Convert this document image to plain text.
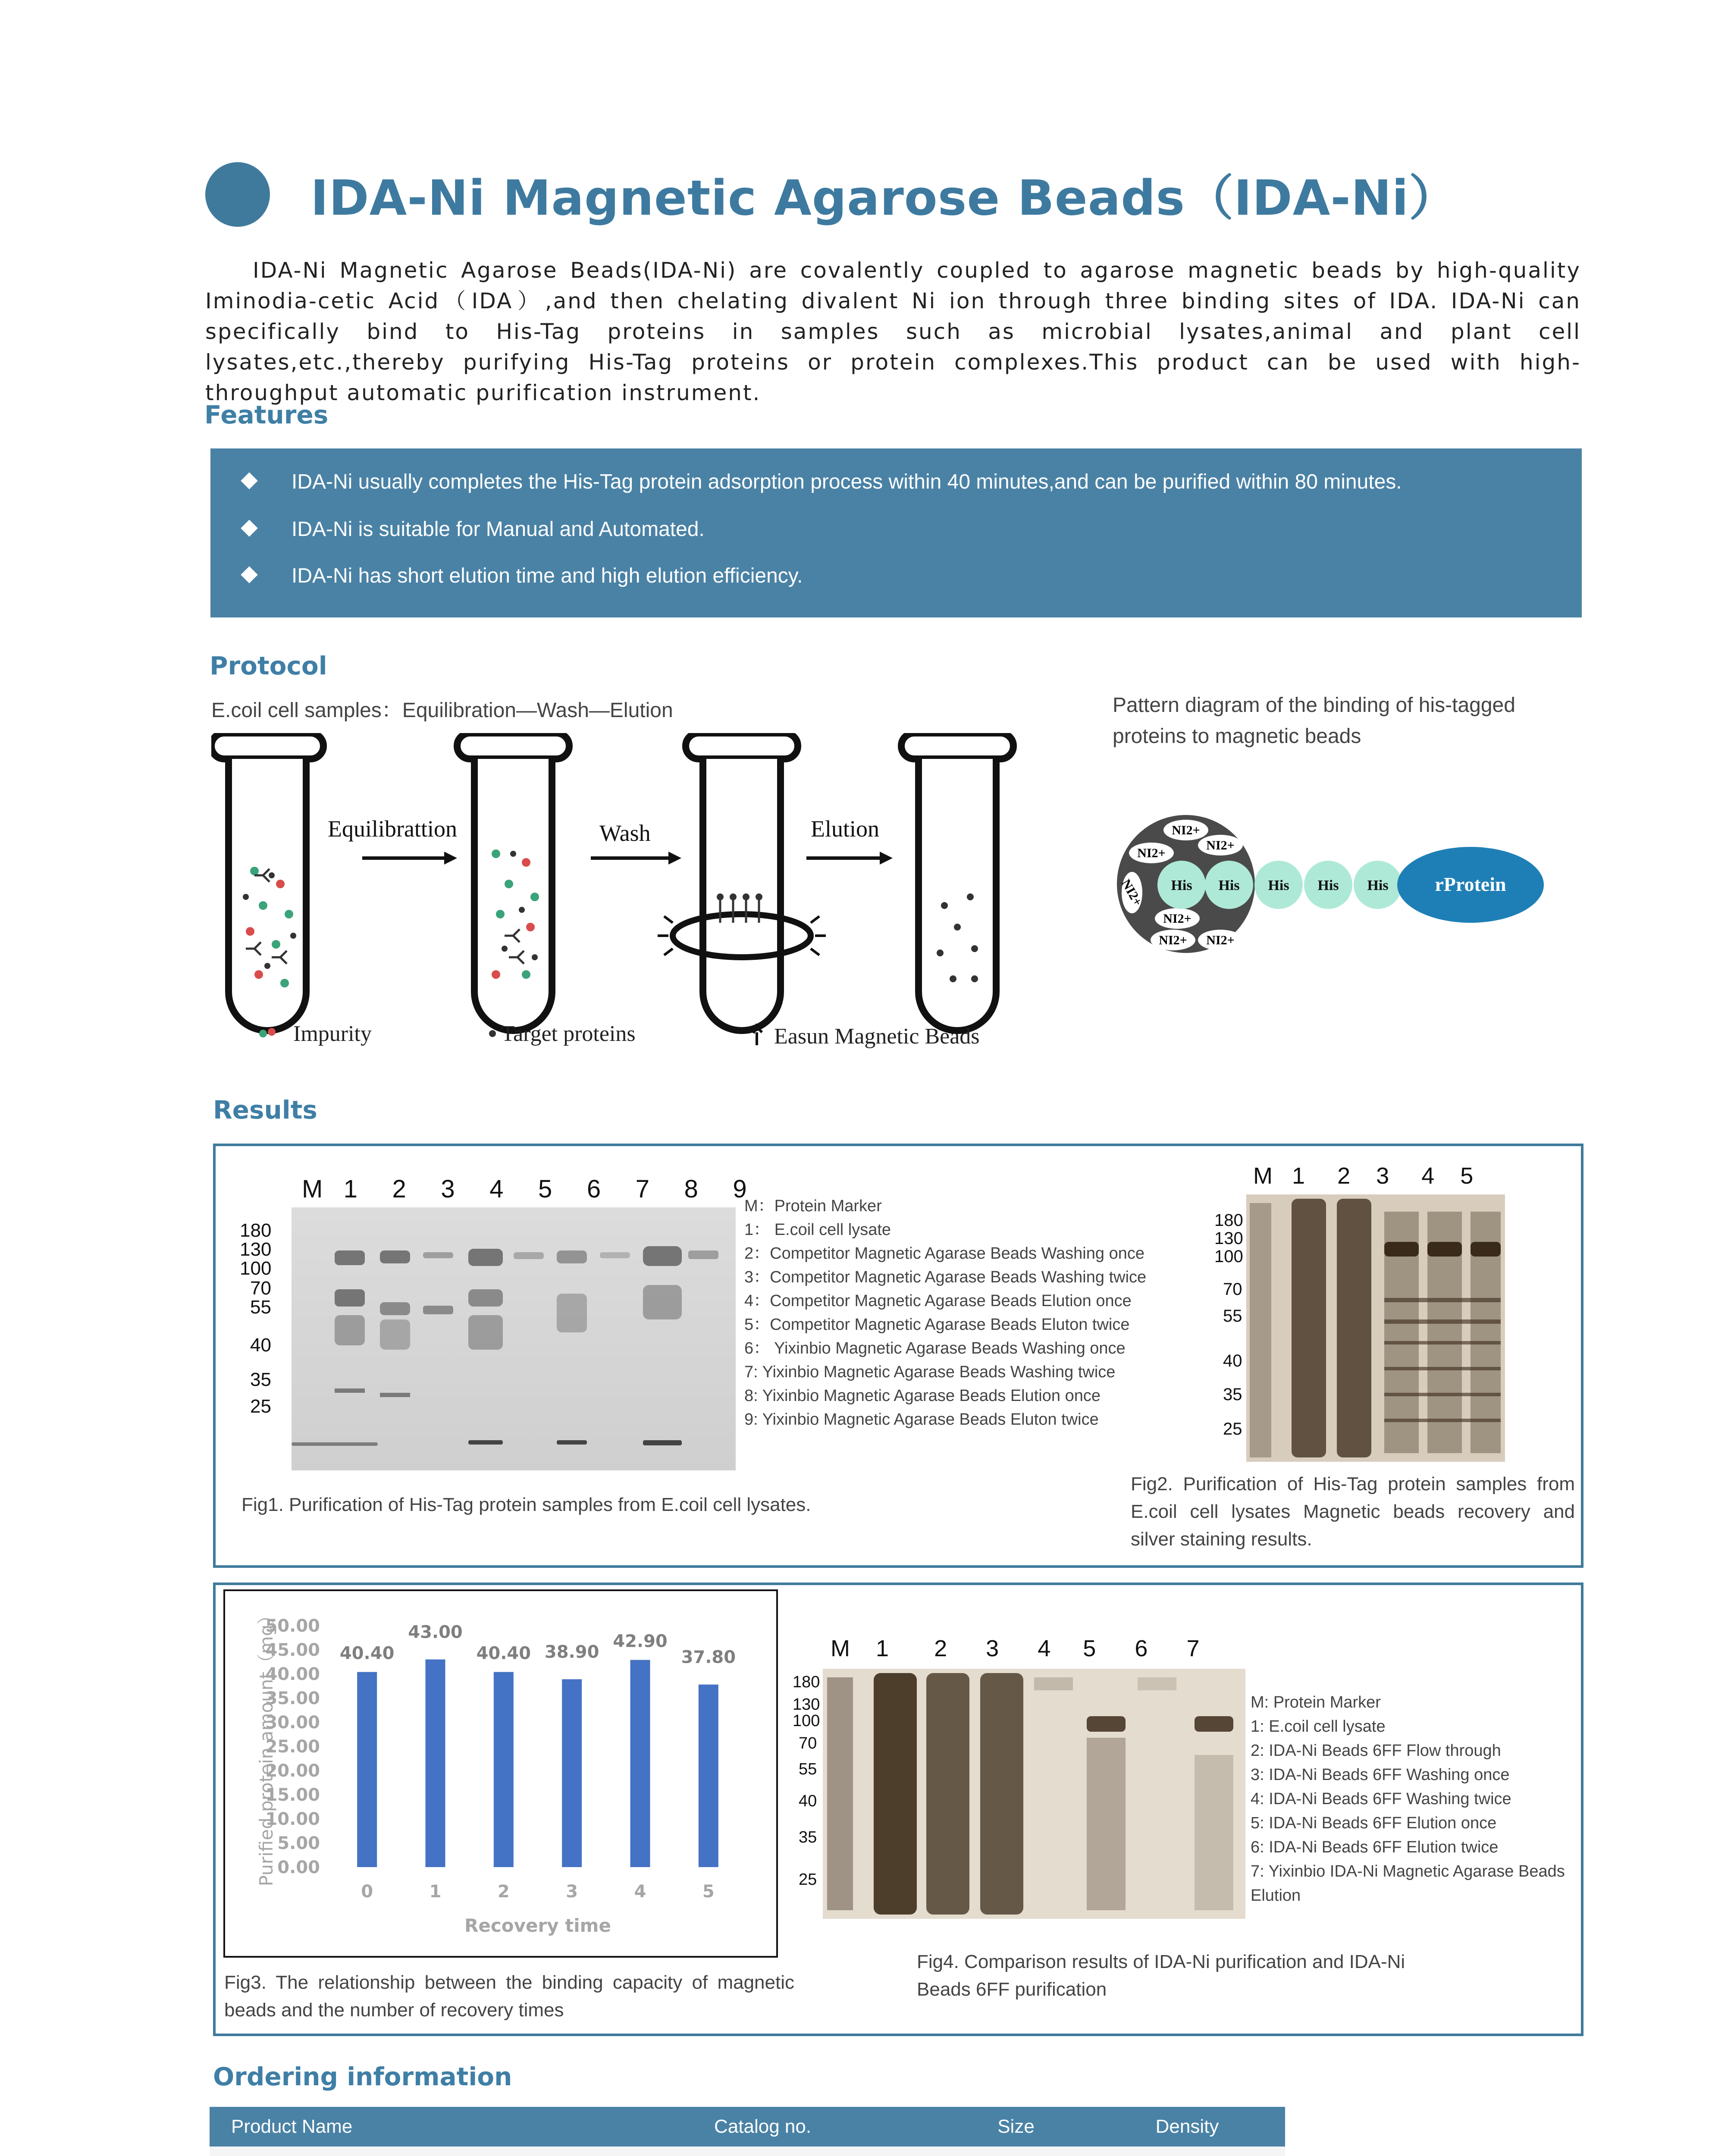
IDA-Ni Magnetic Agarose Beads（IDA-Ni）

IDA-Ni Magnetic Agarose Beads(IDA-Ni) are covalently coupled to agarose magnetic beads by high-quality Iminodia-cetic Acid（IDA）,and then chelating divalent Ni ion through three binding sites of IDA. IDA-Ni can specifically bind to His-Tag proteins in samples such as microbial lysates,animal and plant cell lysates,etc.,thereby purifying His-Tag proteins or protein complexes.This product can be used with high-throughput automatic purification instrument.

Features
IDA-Ni usually completes the His-Tag protein adsorption process within 40 minutes,and can be purified within 80 minutes.
IDA-Ni is suitable for Manual and Automated.
IDA-Ni has short elution time and high elution efficiency.
Protocol
E.coil cell samples：Equilibration—Wash—Elution	Pattern diagram of the binding of his-tagged
proteins to magnetic beads
Equilibrattion	Wash	Elution
Impurity	Target proteins	Easun Magnetic Beads
NI2+
NI2+
NI2+
NI2+
NI2+
NI2+ NI2+
His His His His His rProtein
Results
M 1 2 3 4 5 6 7 8 9
180
130
100
70
55
40
35
25
M：Protein Marker
1： E.coil cell lysate
2：Competitor Magnetic Agarase Beads Washing once
3：Competitor Magnetic Agarase Beads Washing twice
4：Competitor Magnetic Agarase Beads Elution once
5：Competitor Magnetic Agarase Beads Eluton twice
6： Yixinbio Magnetic Agarase Beads Washing once
7: Yixinbio Magnetic Agarase Beads Washing twice
8: Yixinbio Magnetic Agarase Beads Elution once
9: Yixinbio Magnetic Agarase Beads Eluton twice
Fig1. Purification of His-Tag protein samples from E.coil cell lysates.
M 1 2 3 4 5
180
130
100
70
55
40
35
25
Fig2. Purification of His-Tag protein samples from E.coil cell lysates Magnetic beads recovery and silver staining results.
0.00
5.00
10.00
15.00
20.00
25.00
30.00
35.00
40.00
45.00
50.00
Purified protein amount（mg）	40.40
0
43.00
1
40.40
2
38.90
3
42.90
4
37.80
5
Recovery time
Fig3. The relationship between the binding capacity of magnetic beads and the number of recovery times
M 1 2 3 4 5 6 7
180
130
100
70
55
40
35
25
M: Protein Marker
1: E.coil cell lysate
2: IDA-Ni Beads 6FF Flow through
3: IDA-Ni Beads 6FF Washing once
4: IDA-Ni Beads 6FF Washing twice
5: IDA-Ni Beads 6FF Elution once
6: IDA-Ni Beads 6FF Elution twice
7: Yixinbio IDA-Ni Magnetic Agarase Beads Elution
Fig4. Comparison results of IDA-Ni purification and IDA-Ni Beads 6FF purification
Ordering information
Product Name	Catalog no.	Size	Density
